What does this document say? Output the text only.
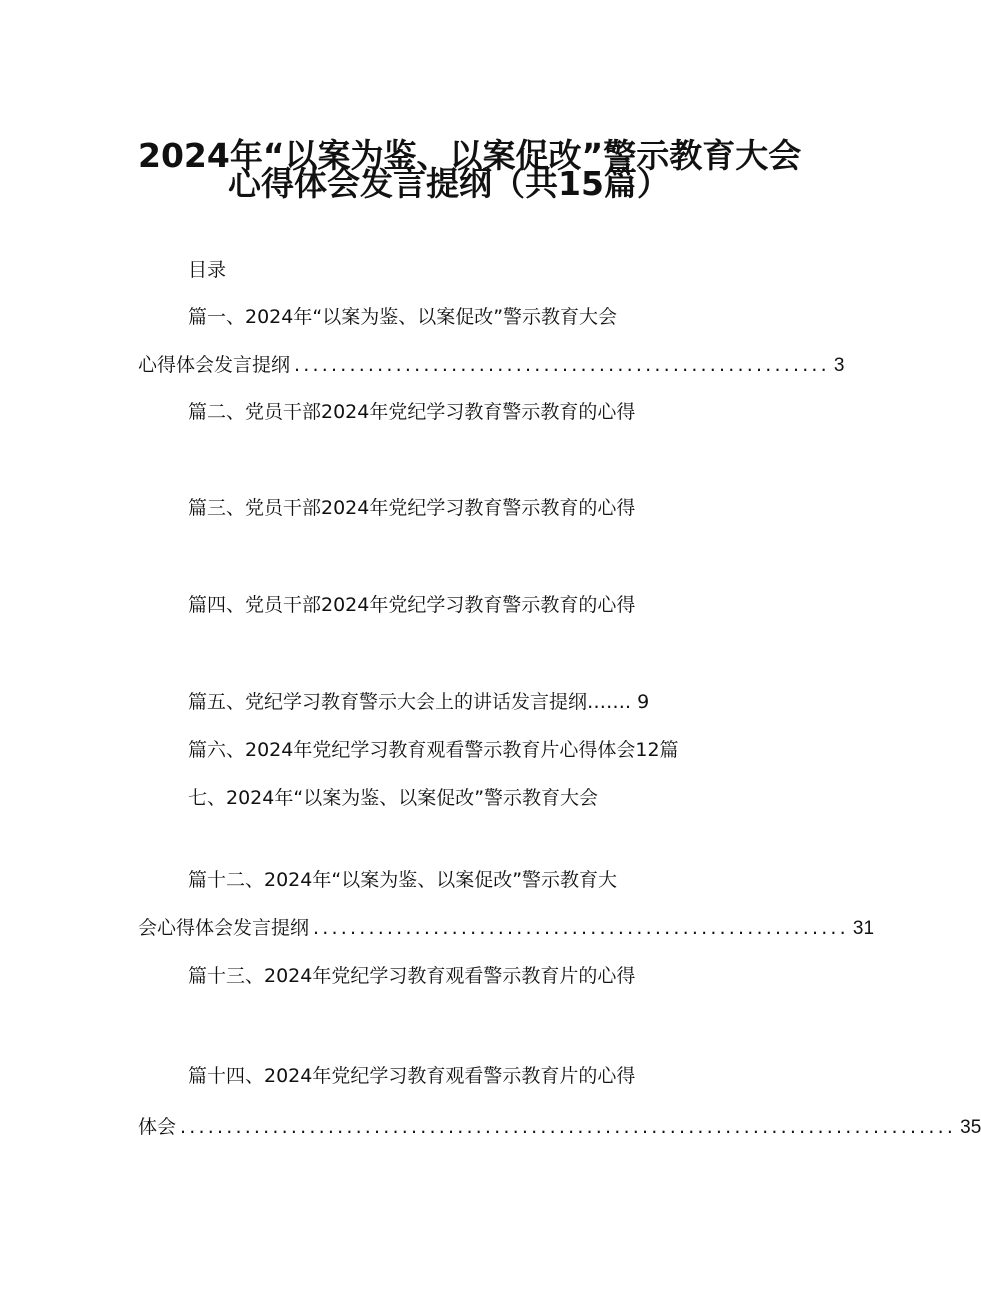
2024年“以案为鉴、以案促改”警示教育大会
心得体会发言提纲（共15篇）
目录
篇一、2024年“以案为鉴、以案促改”警示教育大会
心得体会发言提纲 .......................................................... 3
篇二、党员干部2024年党纪学习教育警示教育的心得
篇三、党员干部2024年党纪学习教育警示教育的心得
篇四、党员干部2024年党纪学习教育警示教育的心得
篇五、党纪学习教育警示大会上的讲话发言提纲……. 9
篇六、2024年党纪学习教育观看警示教育片心得体会12篇
七、2024年“以案为鉴、以案促改”警示教育大会
篇十二、2024年“以案为鉴、以案促改”警示教育大
会心得体会发言提纲 .......................................................... 31
篇十三、2024年党纪学习教育观看警示教育片的心得
篇十四、2024年党纪学习教育观看警示教育片的心得
体会 .................................................................................... 35
